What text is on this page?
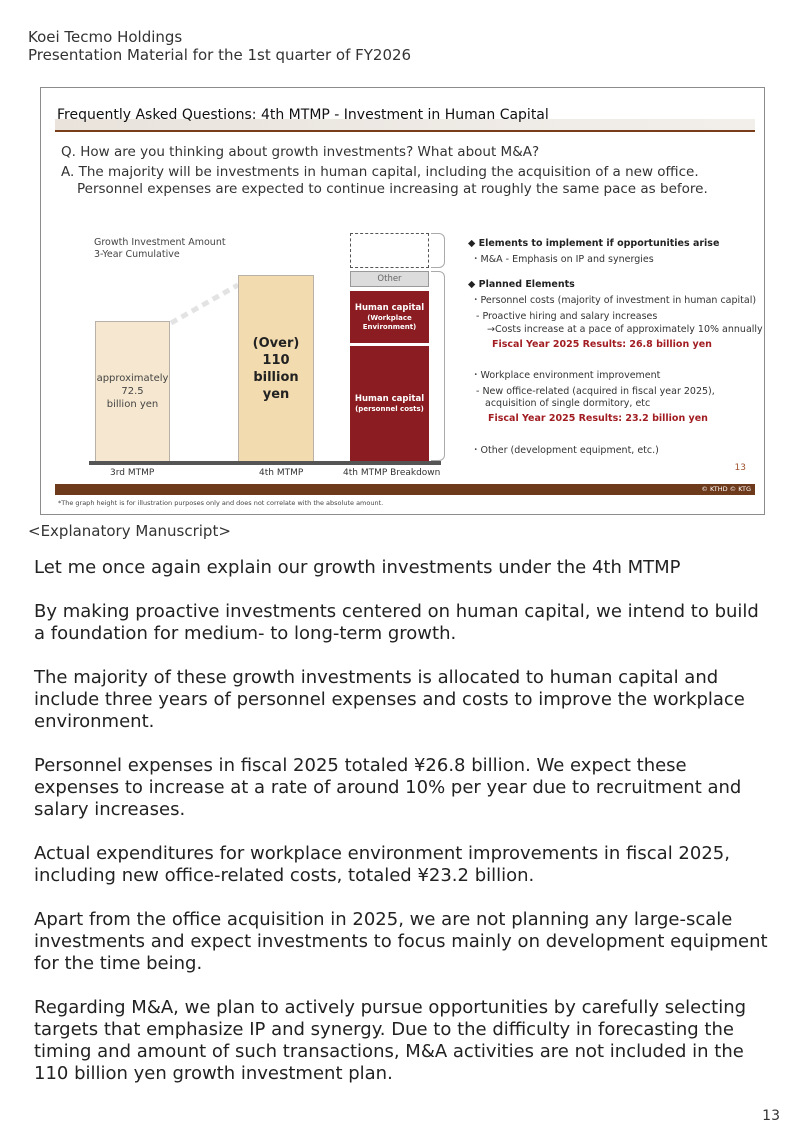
Koei Tecmo Holdings
Presentation Material for the 1st quarter of FY2026
Frequently Asked Questions: 4th MTMP - Investment in Human Capital
Q. How are you thinking about growth investments? What about M&A?
A. The majority will be investments in human capital, including the acquisition of a new office.
Personnel expenses are expected to continue increasing at roughly the same pace as before.
Growth Investment Amount
3-Year Cumulative
approximately
72.5
billion yen
(Over)
110
billion yen
Other
Human capital
(Workplace Environment)
Human capital
(personnel costs)
3rd MTMP	4th MTMP	4th MTMP Breakdown
◆ Elements to implement if opportunities arise
・M&A - Emphasis on IP and synergies
◆ Planned Elements
・Personnel costs (majority of investment in human capital)
- Proactive hiring and salary increases
→Costs increase at a pace of approximately 10% annually
Fiscal Year 2025 Results: 26.8 billion yen
・Workplace environment improvement
- New office-related (acquired in fiscal year 2025),
acquisition of single dormitory, etc
Fiscal Year 2025 Results: 23.2 billion yen
・Other (development equipment, etc.)
13
© KTHD © KTG
*The graph height is for illustration purposes only and does not correlate with the absolute amount.
<Explanatory Manuscript>
Let me once again explain our growth investments under the 4th MTMP
By making proactive investments centered on human capital, we intend to build a foundation for medium- to long-term growth.
The majority of these growth investments is allocated to human capital and include three years of personnel expenses and costs to improve the workplace environment.
Personnel expenses in fiscal 2025 totaled ¥26.8 billion. We expect these expenses to increase at a rate of around 10% per year due to recruitment and salary increases.
Actual expenditures for workplace environment improvements in fiscal 2025, including new office-related costs, totaled ¥23.2 billion.
Apart from the office acquisition in 2025, we are not planning any large-scale investments and expect investments to focus mainly on development equipment for the time being.
Regarding M&A, we plan to actively pursue opportunities by carefully selecting targets that emphasize IP and synergy. Due to the difficulty in forecasting the timing and amount of such transactions, M&A activities are not included in the 110 billion yen growth investment plan.
13
